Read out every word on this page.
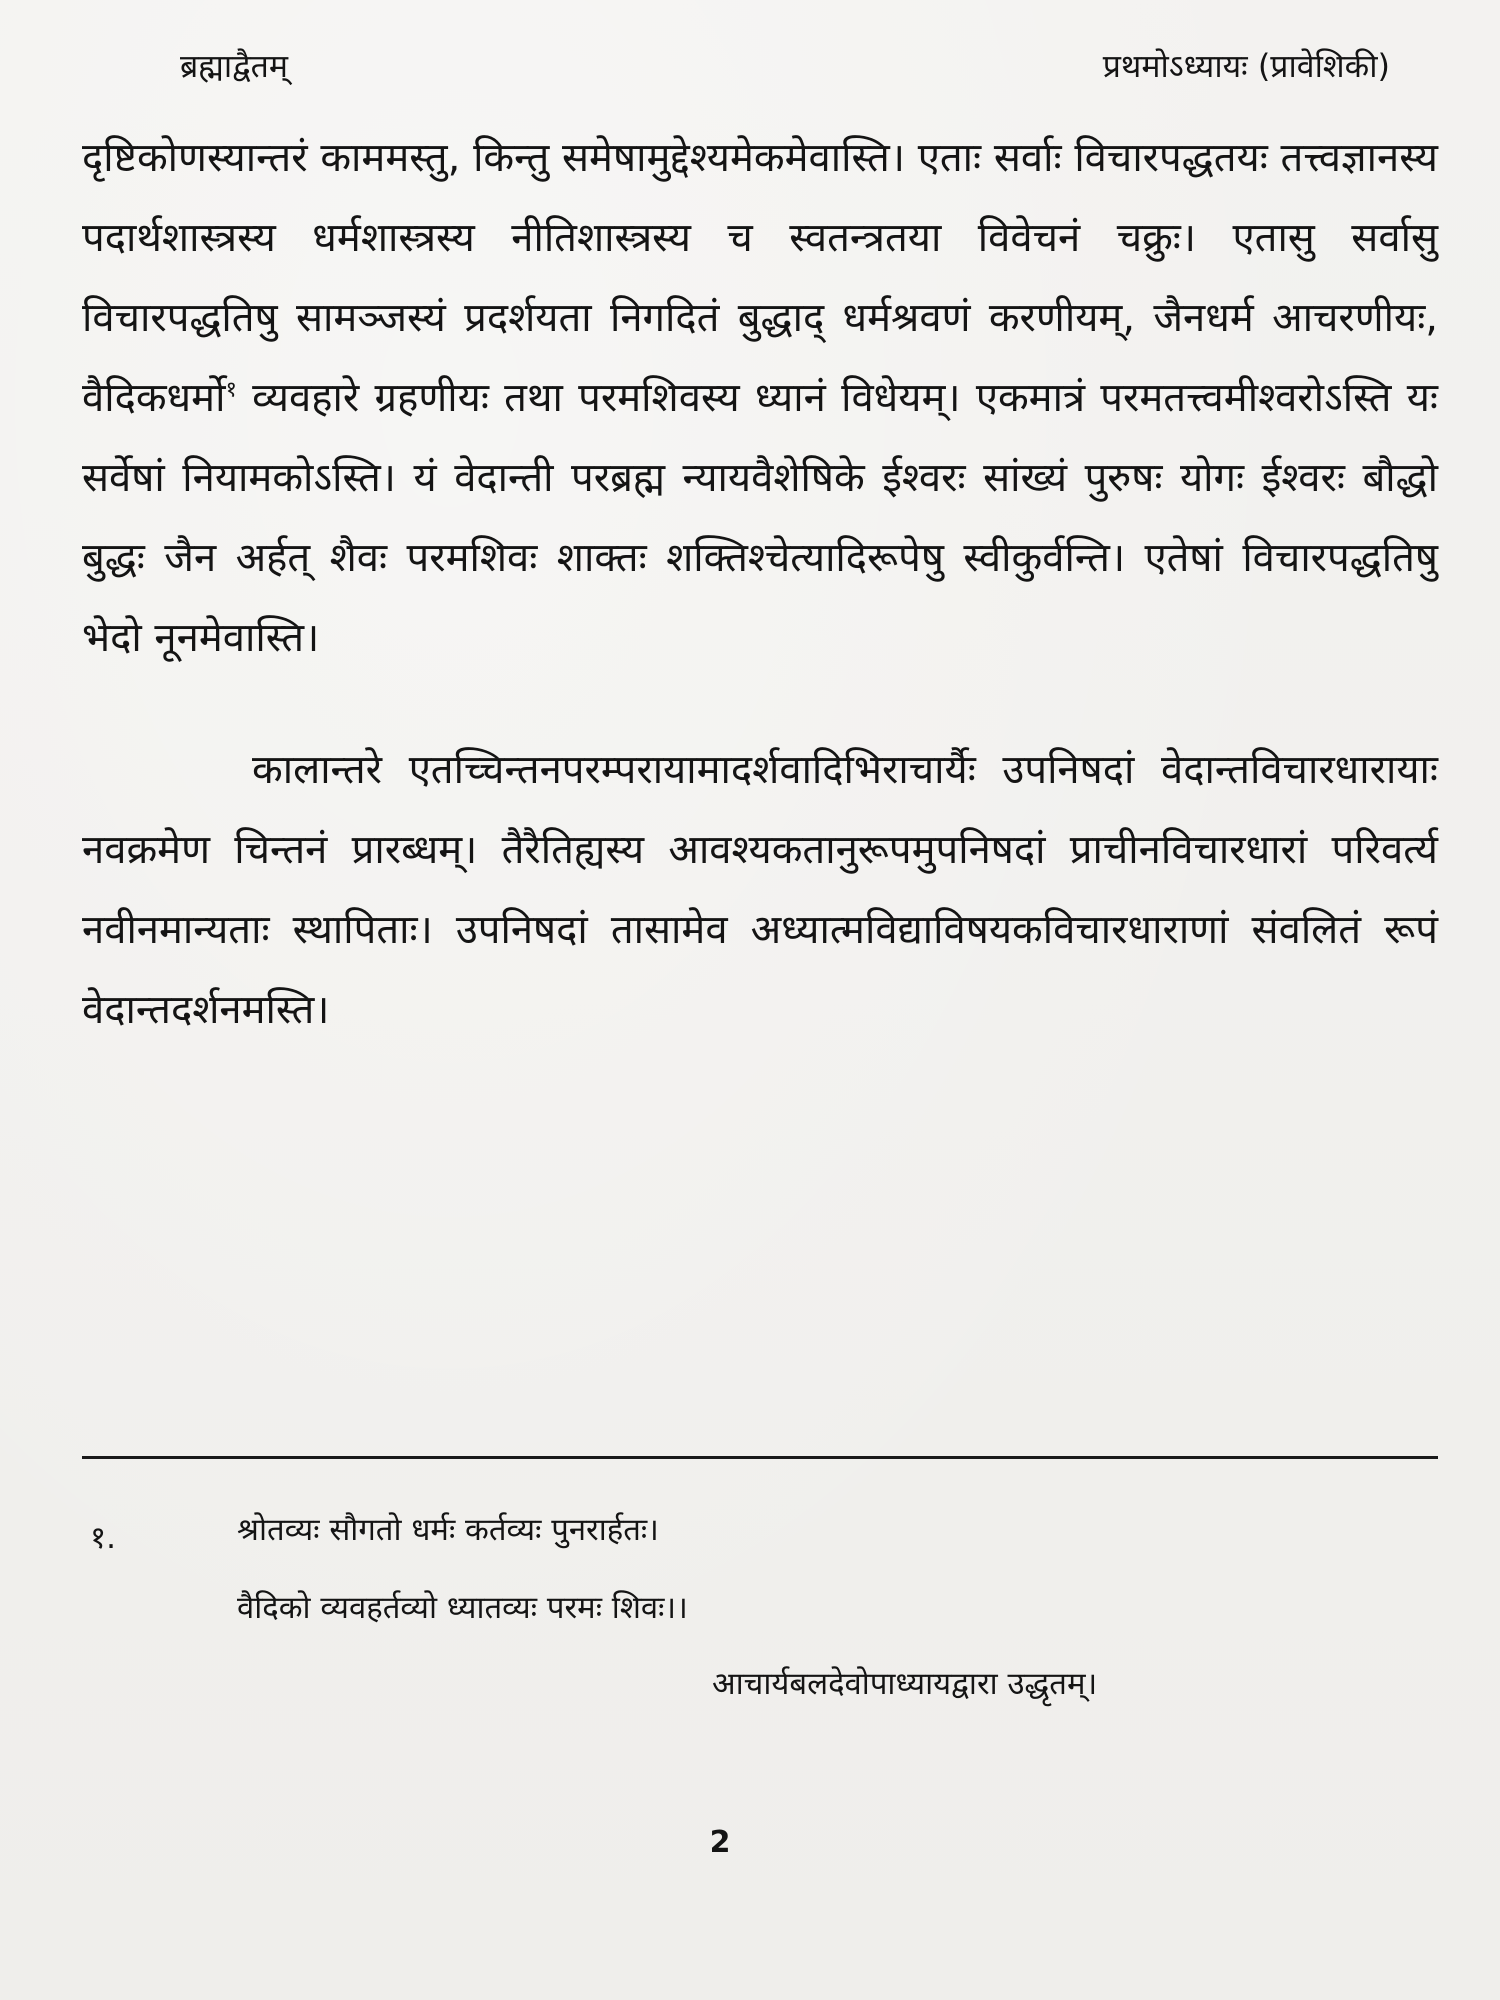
ब्रह्माद्वैतम्	प्रथमोऽध्यायः (प्रावेशिकी)

दृष्टिकोणस्यान्तरं काममस्तु, किन्तु समेषामुद्देश्यमेकमेवास्ति। एताः सर्वाः विचारपद्धतयः तत्त्वज्ञानस्य पदार्थशास्त्रस्य धर्मशास्त्रस्य नीतिशास्त्रस्य च स्वतन्त्रतया विवेचनं चक्रुः। एतासु सर्वासु विचारपद्धतिषु सामञ्जस्यं प्रदर्शयता निगदितं बुद्धाद् धर्मश्रवणं करणीयम्, जैनधर्म आचरणीयः, वैदिकधर्मो$^१$ व्यवहारे ग्रहणीयः तथा परमशिवस्य ध्यानं विधेयम्। एकमात्रं परमतत्त्वमीश्वरोऽस्ति यः सर्वेषां नियामकोऽस्ति। यं वेदान्ती परब्रह्म न्यायवैशेषिके ईश्वरः सांख्यं पुरुषः योगः ईश्वरः बौद्धो बुद्धः जैन अर्हत् शैवः परमशिवः शाक्तः शक्तिश्चेत्यादिरूपेषु स्वीकुर्वन्ति। एतेषां विचारपद्धतिषु भेदो नूनमेवास्ति।

कालान्तरे एतच्चिन्तनपरम्परायामादर्शवादिभिराचार्यैः उपनिषदां वेदान्तविचारधारायाः नवक्रमेण चिन्तनं प्रारब्धम्। तैरैतिह्यस्य आवश्यकतानुरूपमुपनिषदां प्राचीनविचारधारां परिवर्त्य नवीनमान्यताः स्थापिताः। उपनिषदां तासामेव अध्यात्मविद्याविषयकविचारधाराणां संवलितं रूपं वेदान्तदर्शनमस्ति।

१.	श्रोतव्यः सौगतो धर्मः कर्तव्यः पुनरार्हतः।
वैदिको व्यवहर्तव्यो ध्यातव्यः परमः शिवः।।
आचार्यबलदेवोपाध्यायद्वारा उद्धृतम्।
2
